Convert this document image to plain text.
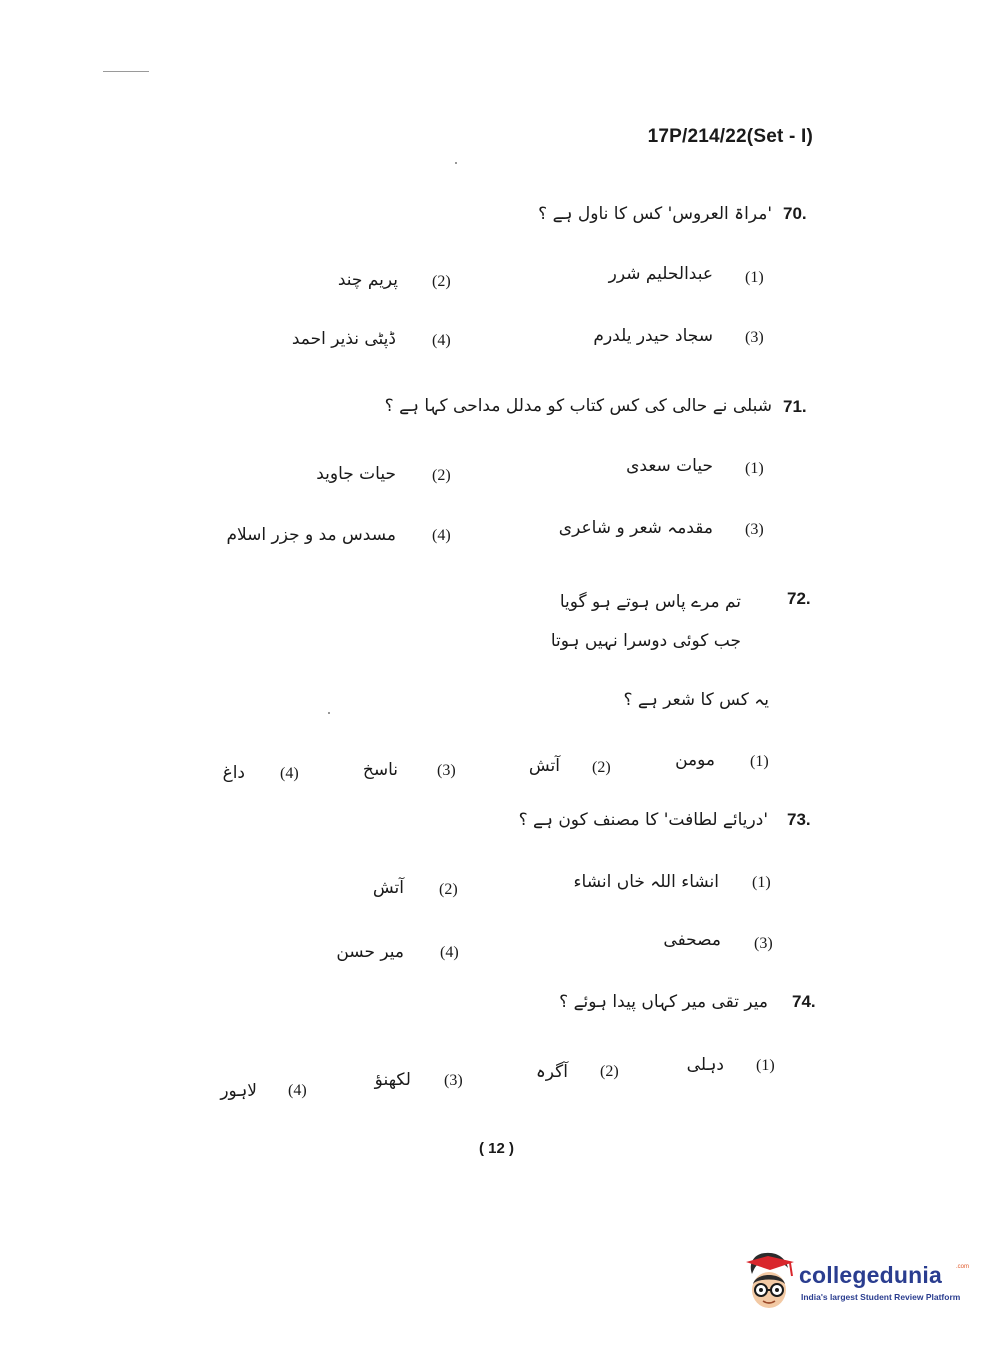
17P/214/22(Set - I)
70.
'مراۃ العروس' کس کا ناول ہے ؟
(1)
عبدالحلیم شرر
(2)
پریم چند
(3)
سجاد حیدر یلدرم
(4)
ڈپٹی نذیر احمد
71.
شبلی نے حالی کی کس کتاب کو مدلل مداحی کہا ہے ؟
(1)
حیات سعدی
(2)
حیات جاوید
(3)
مقدمہ شعر و شاعری
(4)
مسدس مد و جزر اسلام
72.
تم مرے پاس ہوتے ہو گویا
جب کوئی دوسرا نہیں ہوتا
یہ کس کا شعر ہے ؟
(1)
مومن
(2)
آتش
(3)
ناسخ
(4)
داغ
73.
'دریائے لطافت' کا مصنف کون ہے ؟
(1)
انشاء اللہ خاں انشاء
(2)
آتش
(3)
مصحفی
(4)
میر حسن
74.
میر تقی میر کہاں پیدا ہوئے ؟
(1)
دہلی
(2)
آگرہ
(3)
لکھنؤ
(4)
لاہور
( 12 )
collegedunia .com
India's largest Student Review Platform
